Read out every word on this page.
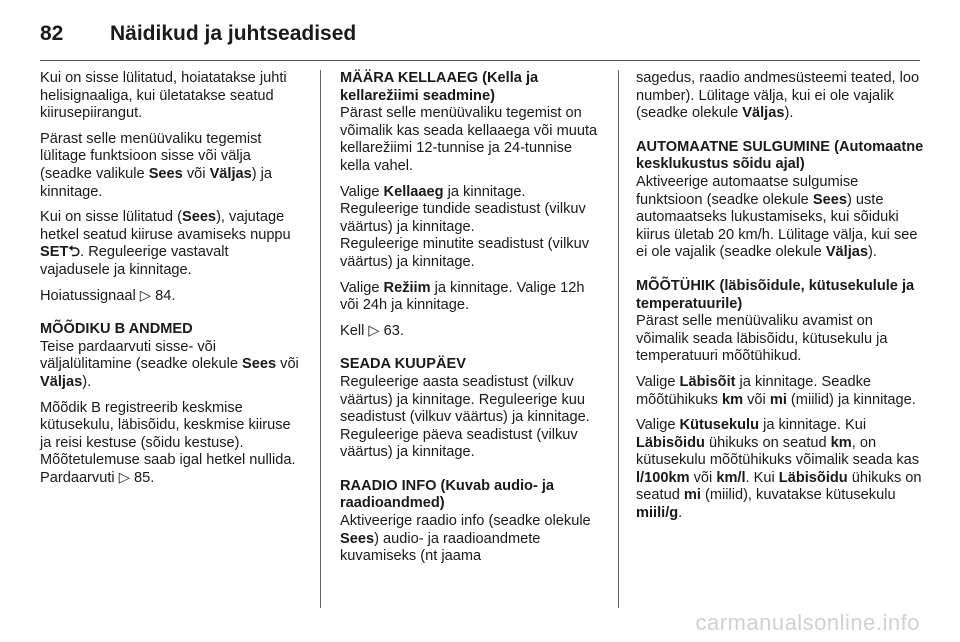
82	Näidikud ja juhtseadised

Kui on sisse lülitatud, hoiatatakse juhti helisignaaliga, kui ületatakse seatud kiirusepiirangut.

Pärast selle menüüvaliku tegemist lülitage funktsioon sisse või välja (seadke valikule Sees või Väljas) ja kinnitage.

Kui on sisse lülitatud (Sees), vajutage hetkel seatud kiiruse avamiseks nuppu SET⮌. Reguleerige vastavalt vajadusele ja kinnitage.

Hoiatussignaal ▷ 84.

MÕÕDIKU B ANDMED

Teise pardaarvuti sisse- või väljalülitamine (seadke olekule Sees või Väljas).

Mõõdik B registreerib keskmise kütusekulu, läbisõidu, keskmise kiiruse ja reisi kestuse (sõidu kestuse). Mõõtetulemuse saab igal hetkel nullida. Pardaarvuti ▷ 85.

MÄÄRA KELLAAEG (Kella ja kellarežiimi seadmine)

Pärast selle menüüvaliku tegemist on võimalik kas seada kellaaega või muuta kellarežiimi 12-tunnise ja 24-tunnise kella vahel.

Valige Kellaaeg ja kinnitage.
Reguleerige tundide seadistust (vilkuv väärtus) ja kinnitage.
Reguleerige minutite seadistust (vilkuv väärtus) ja kinnitage.

Valige Režiim ja kinnitage. Valige 12h või 24h ja kinnitage.

Kell ▷ 63.

SEADA KUUPÄEV

Reguleerige aasta seadistust (vilkuv väärtus) ja kinnitage. Reguleerige kuu seadistust (vilkuv väärtus) ja kinnitage. Reguleerige päeva seadistust (vilkuv väärtus) ja kinnitage.

RAADIO INFO (Kuvab audio- ja raadioandmed)

Aktiveerige raadio info (seadke olekule Sees) audio- ja raadioandmete kuvamiseks (nt jaama

sagedus, raadio andmesüsteemi teated, loo number). Lülitage välja, kui ei ole vajalik (seadke olekule Väljas).

AUTOMAATNE SULGUMINE (Automaatne kesklukustus sõidu ajal)

Aktiveerige automaatse sulgumise funktsioon (seadke olekule Sees) uste automaatseks lukustamiseks, kui sõiduki kiirus ületab 20 km/h. Lülitage välja, kui see ei ole vajalik (seadke olekule Väljas).

MÕÕTÜHIK (läbisõidule, kütusekulule ja temperatuurile)

Pärast selle menüüvaliku avamist on võimalik seada läbisõidu, kütusekulu ja temperatuuri mõõtühikud.

Valige Läbisõit ja kinnitage. Seadke mõõtühikuks km või mi (miilid) ja kinnitage.

Valige Kütusekulu ja kinnitage. Kui Läbisõidu ühikuks on seatud km, on kütusekulu mõõtühikuks võimalik seada kas l/100km või km/l. Kui Läbisõidu ühikuks on seatud mi (miilid), kuvatakse kütusekulu miili/g.

carmanualsonline.info
